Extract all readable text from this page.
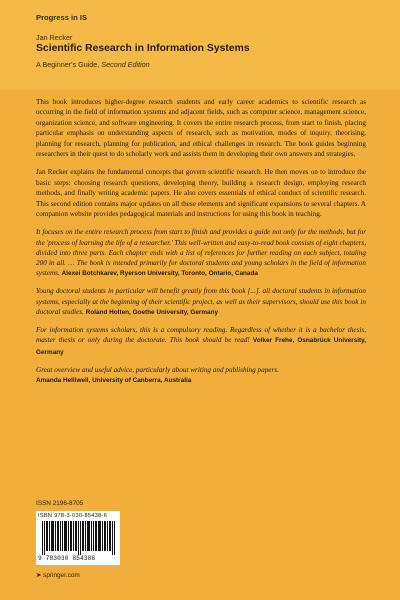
Progress in IS
Jan Recker
Scientific Research in Information Systems
A Beginner's Guide, Second Edition

This book introduces higher-degree research students and early career academics to scientific research as occurring in the field of information systems and adjacent fields, such as computer science, management science, organization science, and software engineering. It covers the entire research process, from start to finish, placing particular emphasis on understanding aspects of research, such as motivation, modes of inquiry, theorising, planning for research, planning for publication, and ethical challenges in research. The book guides beginning researchers in their quest to do scholarly work and assists them in developing their own answers and strategies.

Jan Recker explains the fundamental concepts that govern scientific research. He then moves on to introduce the basic steps: choosing research questions, developing theory, building a research design, employing research methods, and finally writing academic papers. He also covers essentials of ethical conduct of scientific research. This second edition contains major updates on all these elements and significant expansions to several chapters. A companion website provides pedagogical materials and instructions for using this book in teaching.

It focuses on the entire research process from start to finish and provides a guide not only for the methods, but for the 'process of learning the life of a researcher.' This well-written and easy-to-read book consists of eight chapters, divided into three parts. Each chapter ends with a list of references for further reading on each subject, totaling 200 in all. … The book is intended primarily for doctoral students and young scholars in the field of information systems. Alexei Botchkarev, Ryerson University, Toronto, Ontario, Canada

Young doctoral students in particular will benefit greatly from this book [...]. all doctoral students in information systems, especially at the beginning of their scientific project, as well as their supervisors, should use this book in doctoral studies. Roland Holten, Goethe University, Germany

For information systems scholars, this is a compulsory reading. Regardless of whether it is a bachelor thesis, master thesis or only during the doctorate. This book should be read! Volker Frehe, Osnabrück University, Germany

Great overview and useful advice, particularly about writing and publishing papers.
Amanda Helliwell, University of Canberra, Australia

ISSN 2196-8705
ISBN 978-3-030-85438-6
9 783030 854386
➤ springer.com
